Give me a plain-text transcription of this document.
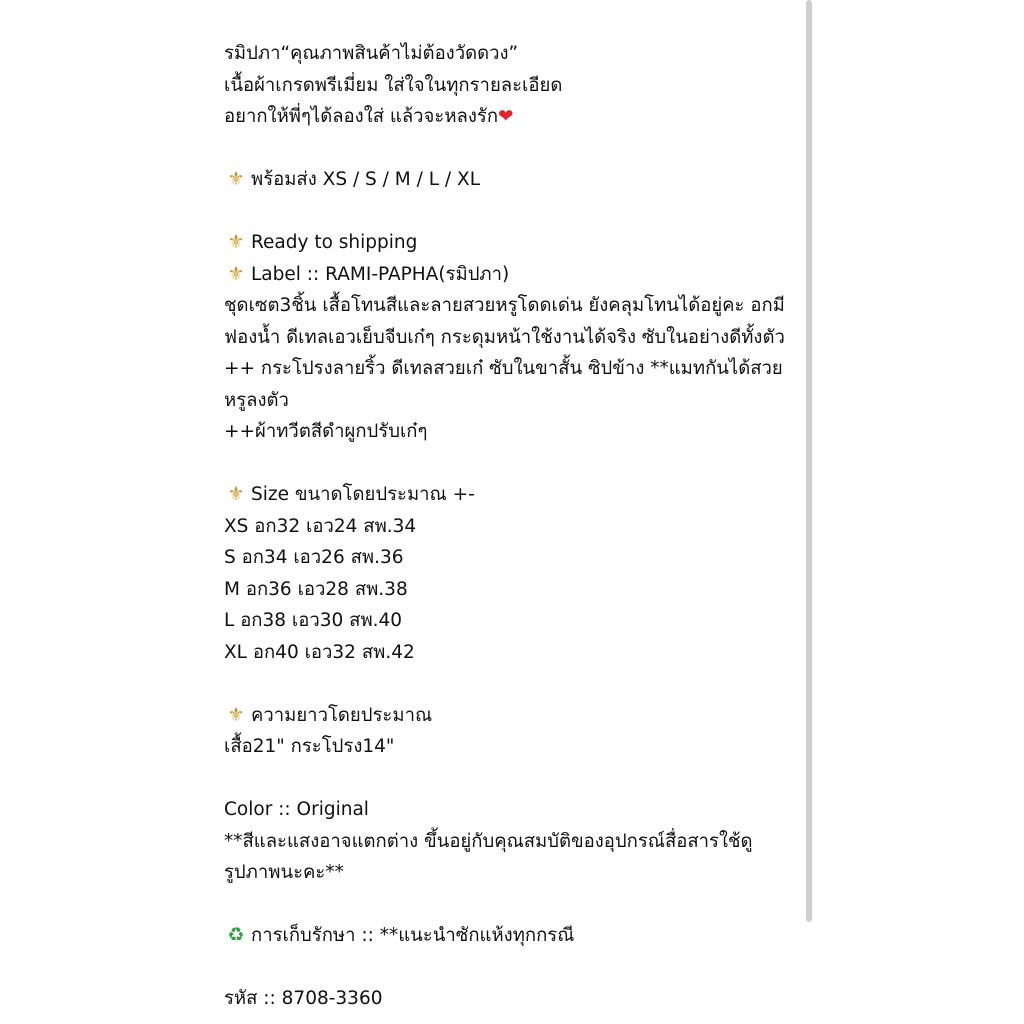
รมิปภา“คุณภาพสินค้าไม่ต้องวัดดวง”
เนื้อผ้าเกรดพรีเมี่ยม ใส่ใจในทุกรายละเอียด
อยากให้พี่ๆได้ลองใส่ แล้วจะหลงรัก❤
⚜ พร้อมส่ง XS / S / M / L / XL
⚜ Ready to shipping
⚜ Label :: RAMI-PAPHA(รมิปภา)
ชุดเซต3ชิ้น เสื้อโทนสีและลายสวยหรูโดดเด่น ยังคลุมโทนได้อยู่คะ อกมี
ฟองน้ำ ดีเทลเอวเย็บจีบเก๋ๆ กระดุมหน้าใช้งานได้จริง ซับในอย่างดีทั้งตัว
++ กระโปรงลายริ้ว ดีเทลสวยเก๋ ซับในขาสั้น ซิปข้าง **แมทกันได้สวย
หรูลงตัว
++ผ้าทวีตสีดำผูกปรับเก๋ๆ
⚜ Size ขนาดโดยประมาณ +-
XS อก32 เอว24 สพ.34
S อก34 เอว26 สพ.36
M อก36 เอว28 สพ.38
L อก38 เอว30 สพ.40
XL อก40 เอว32 สพ.42
⚜ ความยาวโดยประมาณ
เสื้อ21" กระโปรง14"
Color :: Original
**สีและแสงอาจแตกต่าง ขึ้นอยู่กับคุณสมบัติของอุปกรณ์สื่อสารใช้ดู
รูปภาพนะคะ**
♻ การเก็บรักษา :: **แนะนำซักแห้งทุกกรณี
รหัส :: 8708-3360
